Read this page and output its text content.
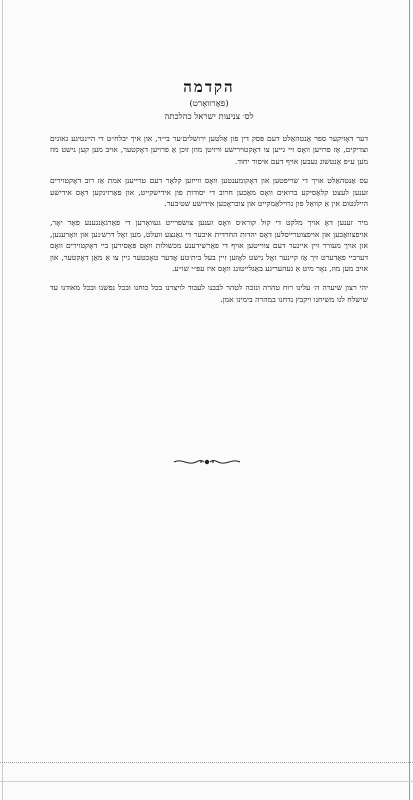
הקדמה

(פאָרוואָרט)

לס׳ צניעות ישראל כהלכתה

דער דאָזיקער ספר אַנטהאַלט דעם פּסק דין פון אַלטען ירושלים׳ער בי״ד, און איך יבלח״ט די היינטיגע גאונים וצדיקים, אַז פרויען וואָס זיי גייען צו דאָקטוירישע וויזיטן מוזן זוכן אַ פרויען דאָקטער, אויב מען קען נישט מוז מען ע״פ אַנטשוג געבען אויף דעם איסור יחוד.

עס אַנטהאַלט אויך די שריפטען און דאָקומענטען וואָס ווייזען קלאָר דעם טרייענן אמת אַז רוב דאָקטוירים זענען לעצט קלאַסיקע ברואים וואָס מאַכען חרוב די יסודות פון אידישקייט, און פאַרזינקען דאָס אידישע היילגטום אין אַ קוואַל פון גרוילאַמקייט און צובראָכען אידישע שט׳בער.

מיר זענען דאָ אויך מלקט די קול קורא׳ס וואָס זענען צושפרייט געוואָרען די פאַרגאַנגענע פאָר יאָר, אויפצוואַכען און אויפצוטרייסלען דאָס יהדות החרדית איבער די גאַנצע וועלט, מען זאָל דרש׳נען און וואָרענען, און אויך מעורר זיין איינער דעם צווייטען אויף די פאַרשידענע מכשולות וואָס פּאַסירען ביי דאָקטוירים וואָס דערביי פאַדערט זיך אַז קיינער זאָל נישט לאָזען זיין בעל בית׳טע אָדער טאָכטער גיין צו אַ מאַן דאָקטער, און אויב מען מוז, נאָר מיט אַ געהעריגע באַגלייטונג וואָס איז עפּ״י שו״ע.

יהי רצון שיערה ה׳ עלינו רוח טהרה ונזכה לטהר לבבנו לעבוד לויצרנו בכל כוחנו ובכל נפשנו ובכל מאודנו עד שישלח לנו משיחנו ויקבץ נדחנו במהרה בימינו אמן.
